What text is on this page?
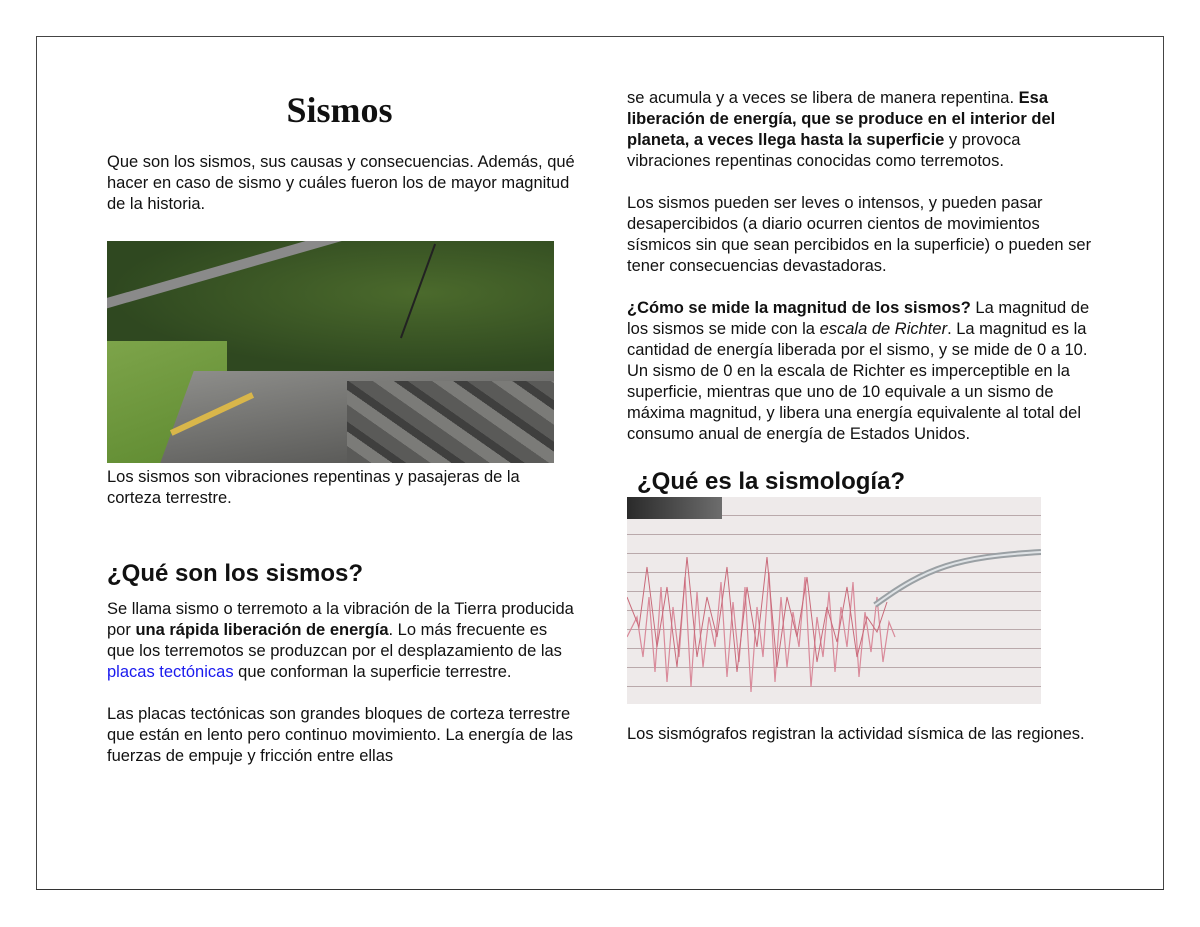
Sismos

Que son los sismos, sus causas y consecuencias. Además, qué hacer en caso de sismo y cuáles fueron los de mayor magnitud de la historia.

Los sismos son vibraciones repentinas y pasajeras de la corteza terrestre.

¿Qué son los sismos?

Se llama sismo o terremoto a la vibración de la Tierra producida por una rápida liberación de energía. Lo más frecuente es que los terremotos se produzcan por el desplazamiento de las placas tectónicas que conforman la superficie terrestre.

Las placas tectónicas son grandes bloques de corteza terrestre que están en lento pero continuo movimiento. La energía de las fuerzas de empuje y fricción entre ellas

se acumula y a veces se libera de manera repentina. Esa liberación de energía, que se produce en el interior del planeta, a veces llega hasta la superficie y provoca vibraciones repentinas conocidas como terremotos.

Los sismos pueden ser leves o intensos, y pueden pasar desapercibidos (a diario ocurren cientos de movimientos sísmicos sin que sean percibidos en la superficie) o pueden ser tener consecuencias devastadoras.

¿Cómo se mide la magnitud de los sismos? La magnitud de los sismos se mide con la escala de Richter. La magnitud es la cantidad de energía liberada por el sismo, y se mide de 0 a 10. Un sismo de 0 en la escala de Richter es imperceptible en la superficie, mientras que uno de 10 equivale a un sismo de máxima magnitud, y libera una energía equivalente al total del consumo anual de energía de Estados Unidos.

¿Qué es la sismología?

Los sismógrafos registran la actividad sísmica de las regiones.
